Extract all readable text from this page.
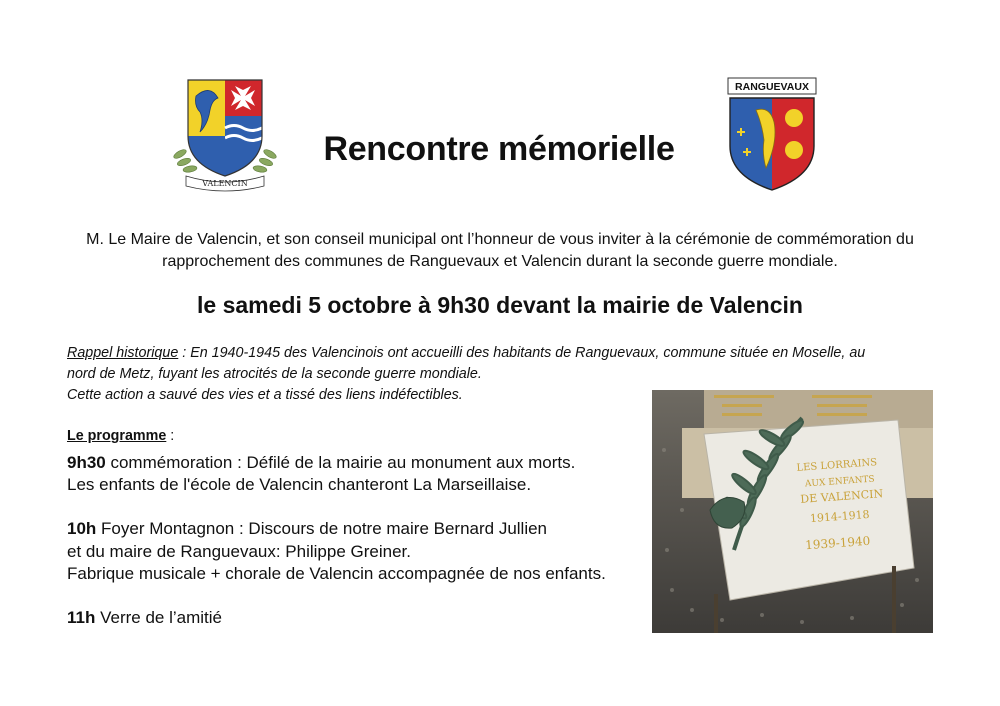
VALENCIN
Rencontre mémorielle
RANGUEVAUX
M. Le Maire de Valencin, et son conseil municipal ont l’honneur de vous inviter à la cérémonie de commémoration du
rapprochement des communes de Ranguevaux et Valencin durant la seconde guerre mondiale.
le samedi 5 octobre à 9h30 devant la mairie de Valencin
Rappel historique : En 1940-1945 des Valencinois ont accueilli des habitants de Ranguevaux, commune située en Moselle, au
nord de Metz, fuyant les atrocités de la seconde guerre mondiale.
Cette action a sauvé des vies et a tissé des liens indéfectibles.
Le programme :
9h30 commémoration : Défilé de la mairie au monument aux morts.
Les enfants de l'école de Valencin chanteront La Marseillaise.
10h Foyer Montagnon : Discours de notre maire Bernard Jullien
et du maire de Ranguevaux: Philippe Greiner.
Fabrique musicale + chorale de Valencin accompagnée de nos enfants.
11h Verre de l’amitié
LES LORRAINS
AUX ENFANTS
DE VALENCIN
1914-1918
1939-1940
